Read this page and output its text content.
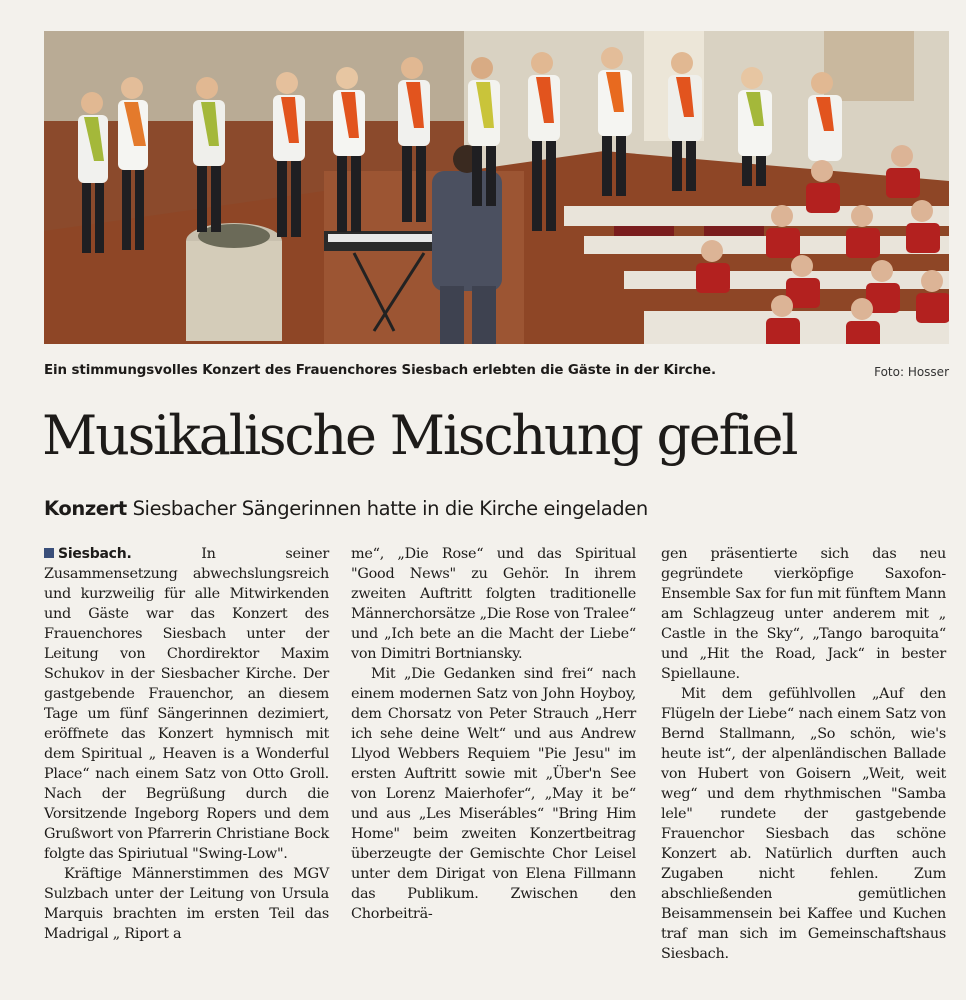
Ein stimmungsvolles Konzert des Frauenchores Siesbach erlebten die Gäste in der Kirche.	Foto: Hosser
Musikalische Mischung gefiel
Konzert Siesbacher Sängerinnen hatte in die Kirche eingeladen

Siesbach.	In seiner Zusammensetzung abwechslungsreich und kurzweilig für alle Mitwirkenden und Gäste war das Konzert des Frauenchores Siesbach unter der Leitung von Chordirektor Maxim Schukov in der Siesbacher Kirche. Der gastgebende Frauenchor, an diesem Tage um fünf Sängerinnen dezimiert, eröffnete das Konzert hymnisch mit dem Spiritual „ Heaven is a Wonderful Place“ nach einem Satz von Otto Groll. Nach der Begrüßung durch die Vorsitzende Ingeborg Ropers und dem Grußwort von Pfarrerin Christiane Bock folgte das Spiriutual "Swing-Low".

Kräftige Männerstimmen des MGV Sulzbach unter der Leitung von Ursula Marquis brachten im ersten Teil das Madrigal „ Riport a

me“, „Die Rose“ und das Spiritual "Good News" zu Gehör. In ihrem zweiten Auftritt folgten traditionelle Männerchorsätze „Die Rose von Tralee“ und „Ich bete an die Macht der Liebe“ von Dimitri Bortniansky.

Mit „Die Gedanken sind frei“ nach einem modernen Satz von John Hoyboy, dem Chorsatz von Peter Strauch „Herr ich sehe deine Welt“ und aus Andrew Llyod Webbers Requiem "Pie Jesu" im ersten Auftritt sowie mit „Über'n See von Lorenz Maierhofer“, „May it be“ und aus „Les Miserábles“ "Bring Him Home" beim zweiten Konzertbeitrag überzeugte der Gemischte Chor Leisel unter dem Dirigat von Elena Fillmann das Publikum. Zwischen den Chorbeiträ-

gen präsentierte sich das neu gegründete vierköpfige Saxofon-Ensemble Sax for fun mit fünftem Mann am Schlagzeug unter anderem mit „ Castle in the Sky“, „Tango baroquita“ und „Hit the Road, Jack“ in bester Spiellaune.

Mit dem gefühlvollen „Auf den Flügeln der Liebe“ nach einem Satz von Bernd Stallmann, „So schön, wie's heute ist“, der alpenländischen Ballade von Hubert von Goisern „Weit, weit weg“ und dem rhythmischen "Samba lele" rundete der gastgebende Frauenchor Siesbach das schöne Konzert ab. Natürlich durften auch Zugaben nicht fehlen. Zum abschließenden gemütlichen Beisammensein bei Kaffee und Kuchen traf man sich im Gemeinschaftshaus Siesbach.
